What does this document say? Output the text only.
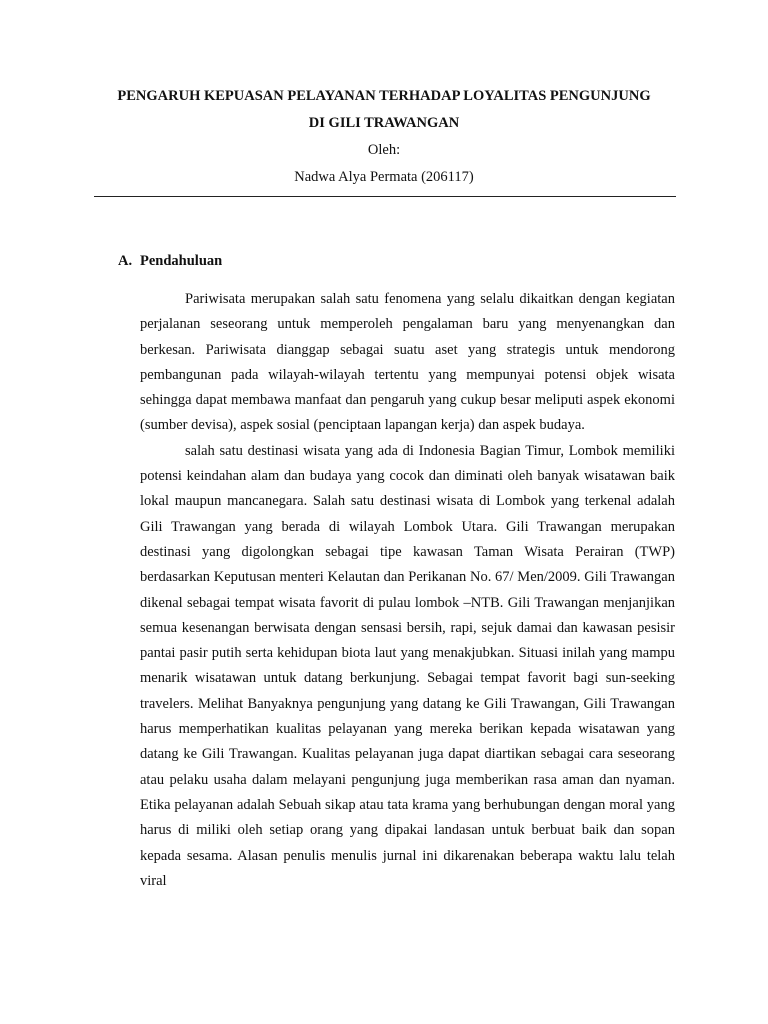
PENGARUH KEPUASAN PELAYANAN TERHADAP LOYALITAS PENGUNJUNG
DI GILI TRAWANGAN
Oleh:
Nadwa Alya Permata (206117)
A. Pendahuluan

Pariwisata merupakan salah satu fenomena yang selalu dikaitkan dengan kegiatan perjalanan seseorang untuk memperoleh pengalaman baru yang menyenangkan dan berkesan. Pariwisata dianggap sebagai suatu aset yang strategis untuk mendorong pembangunan pada wilayah-wilayah tertentu yang mempunyai potensi objek wisata sehingga dapat membawa manfaat dan pengaruh yang cukup besar meliputi aspek ekonomi (sumber devisa), aspek sosial (penciptaan lapangan kerja) dan aspek budaya.

salah satu destinasi wisata yang ada di Indonesia Bagian Timur, Lombok memiliki potensi keindahan alam dan budaya yang cocok dan diminati oleh banyak wisatawan baik lokal maupun mancanegara. Salah satu destinasi wisata di Lombok yang terkenal adalah Gili Trawangan yang berada di wilayah Lombok Utara. Gili Trawangan merupakan destinasi yang digolongkan sebagai tipe kawasan Taman Wisata Perairan (TWP) berdasarkan Keputusan menteri Kelautan dan Perikanan No. 67/ Men/2009. Gili Trawangan dikenal sebagai tempat wisata favorit di pulau lombok –NTB. Gili Trawangan menjanjikan semua kesenangan berwisata dengan sensasi bersih, rapi, sejuk damai dan kawasan pesisir pantai pasir putih serta kehidupan biota laut yang menakjubkan. Situasi inilah yang mampu menarik wisatawan untuk datang berkunjung. Sebagai tempat favorit bagi sun-seeking travelers. Melihat Banyaknya pengunjung yang datang ke Gili Trawangan, Gili Trawangan harus memperhatikan kualitas pelayanan yang mereka berikan kepada wisatawan yang datang ke Gili Trawangan. Kualitas pelayanan juga dapat diartikan sebagai cara seseorang atau pelaku usaha dalam melayani pengunjung juga memberikan rasa aman dan nyaman. Etika pelayanan adalah Sebuah sikap atau tata krama yang berhubungan dengan moral yang harus di miliki oleh setiap orang yang dipakai landasan untuk berbuat baik dan sopan kepada sesama. Alasan penulis menulis jurnal ini dikarenakan beberapa waktu lalu telah viral
